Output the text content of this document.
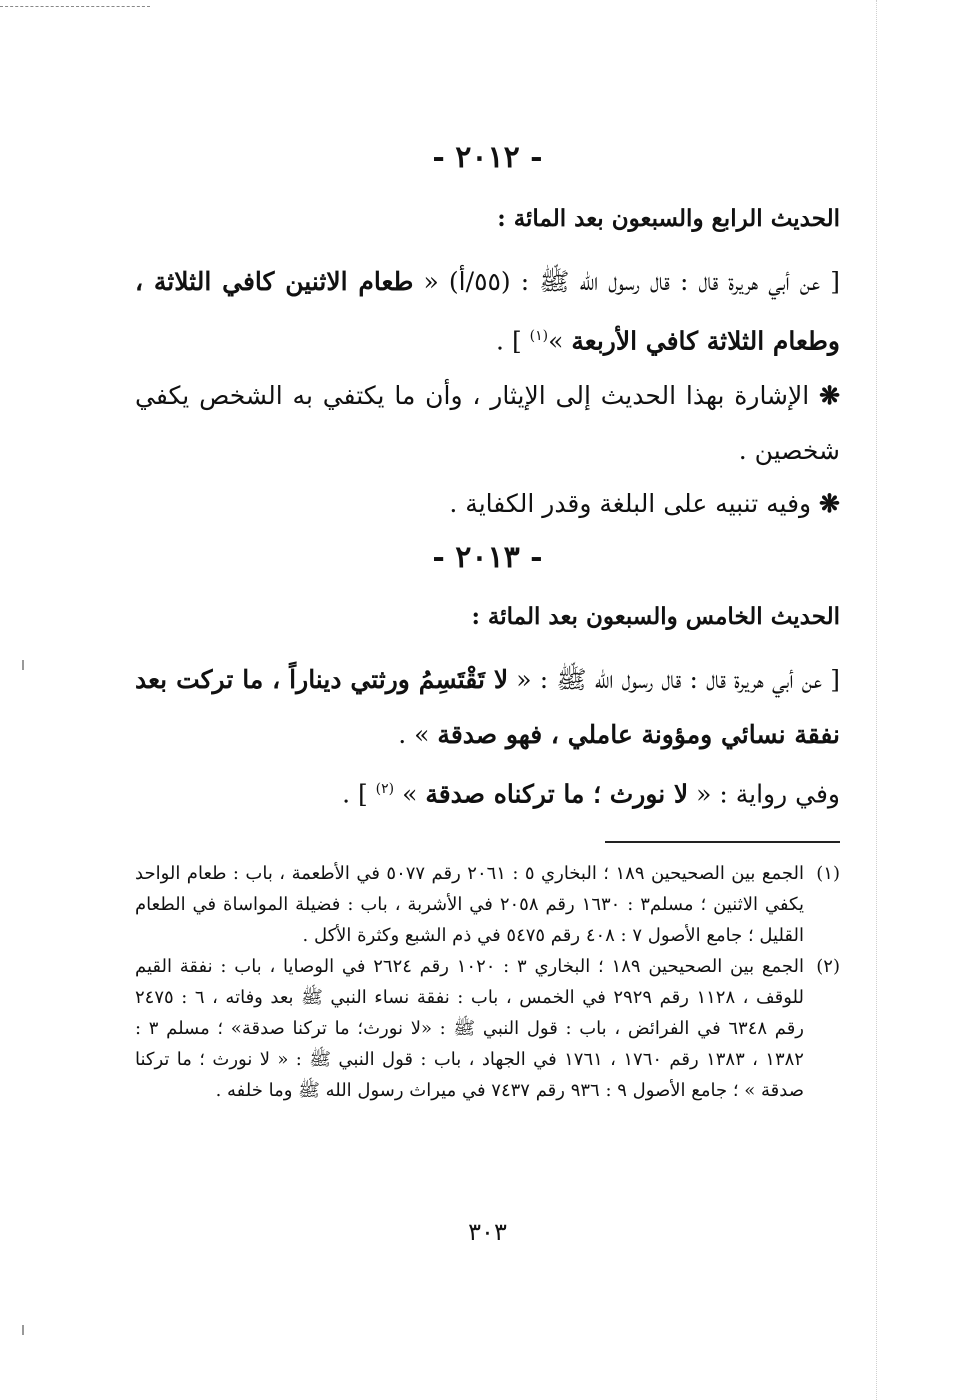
- ٢٠١٢ -
الحديث الرابع والسبعون بعد المائة :
[ عن أبي هريرة قال : قال رسول الله ﷺ : (٥٥/أ) « طعام الاثنين كافي الثلاثة ، وطعام الثلاثة كافي الأربعة »$^{(١)}$ ] .
❋ الإشارة بهذا الحديث إلى الإيثار ، وأن ما يكتفي به الشخص يكفي شخصين .
❋ وفيه تنبيه على البلغة وقدر الكفاية .
- ٢٠١٣ -
الحديث الخامس والسبعون بعد المائة :
[ عن أبي هريرة قال : قال رسول الله ﷺ : « لا تَقْتَسِمُ ورثتي ديناراً ، ما تركت بعد نفقة نسائي ومؤونة عاملي ، فهو صدقة » .
وفي رواية : « لا نورث ؛ ما تركناه صدقة » $^{(٢)}$ ] .
(١)
الجمع بين الصحيحين ١٨٩ ؛ البخاري ٥ : ٢٠٦١ رقم ٥٠٧٧ في الأطعمة ، باب : طعام الواحد يكفي الاثنين ؛ مسلم٣ : ١٦٣٠ رقم ٢٠٥٨ في الأشربة ، باب : فضيلة المواساة في الطعام القليل ؛ جامع الأصول ٧ : ٤٠٨ رقم ٥٤٧٥ في ذم الشبع وكثرة الأكل .
(٢)
الجمع بين الصحيحين ١٨٩ ؛ البخاري ٣ : ١٠٢٠ رقم ٢٦٢٤ في الوصايا ، باب : نفقة القيم للوقف ، ١١٢٨ رقم ٢٩٢٩ في الخمس ، باب : نفقة نساء النبي ﷺ بعد وفاته ، ٦ : ٢٤٧٥ رقم ٦٣٤٨ في الفرائض ، باب : قول النبي ﷺ : «لا نورث؛ ما تركنا صدقة» ؛ مسلم ٣ : ١٣٨٢ ، ١٣٨٣ رقم ١٧٦٠ ، ١٧٦١ في الجهاد ، باب : قول النبي ﷺ : « لا نورث ؛ ما تركنا صدقة » ؛ جامع الأصول ٩ : ٩٣٦ رقم ٧٤٣٧ في ميراث رسول الله ﷺ وما خلفه .
٣٠٣
